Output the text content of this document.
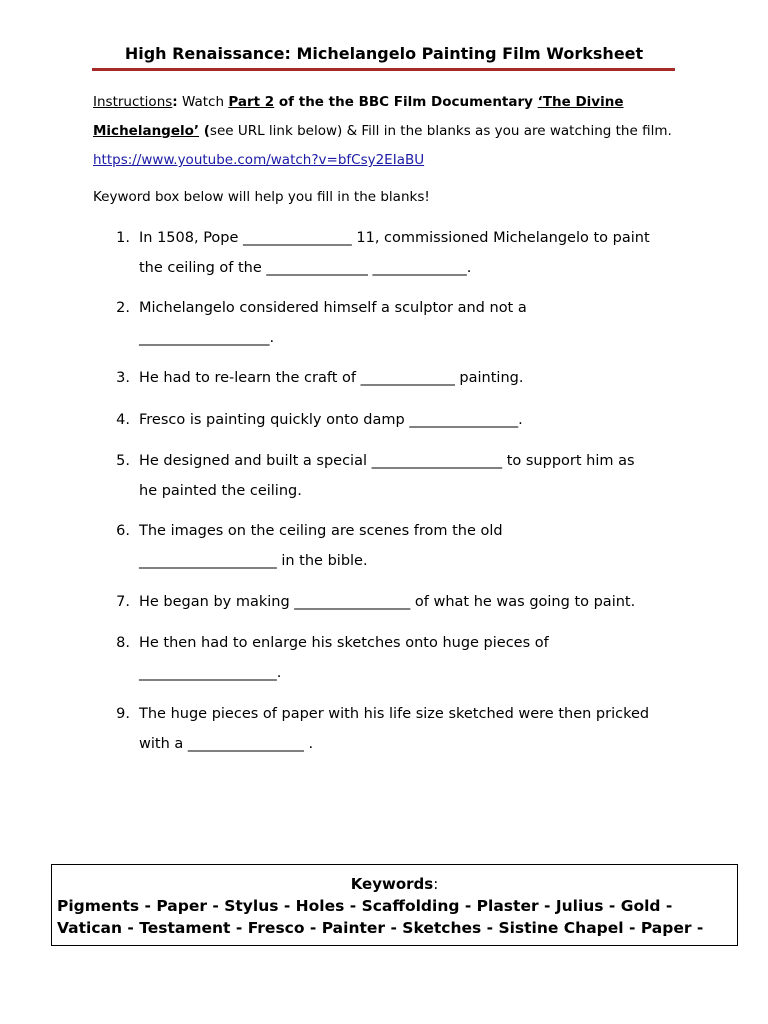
High Renaissance: Michelangelo Painting Film Worksheet
Instructions: Watch Part 2 of the the BBC Film Documentary ‘The Divine
Michelangelo’ (see URL link below) & Fill in the blanks as you are watching the film.
https://www.youtube.com/watch?v=bfCsy2EIaBU
Keyword box below will help you fill in the blanks!
1. In 1508, Pope _______________ 11, commissioned Michelangelo to paint
the ceiling of the ______________ _____________.
2. Michelangelo considered himself a sculptor and not a
__________________.
3. He had to re-learn the craft of _____________ painting.
4. Fresco is painting quickly onto damp _______________.
5. He designed and built a special __________________ to support him as
he painted the ceiling.
6. The images on the ceiling are scenes from the old
___________________ in the bible.
7. He began by making ________________ of what he was going to paint.
8. He then had to enlarge his sketches onto huge pieces of
___________________.
9. The huge pieces of paper with his life size sketched were then pricked
with a ________________ .
Keywords:
Pigments - Paper - Stylus - Holes - Scaffolding - Plaster - Julius - Gold -
Vatican - Testament - Fresco - Painter - Sketches - Sistine Chapel - Paper -
